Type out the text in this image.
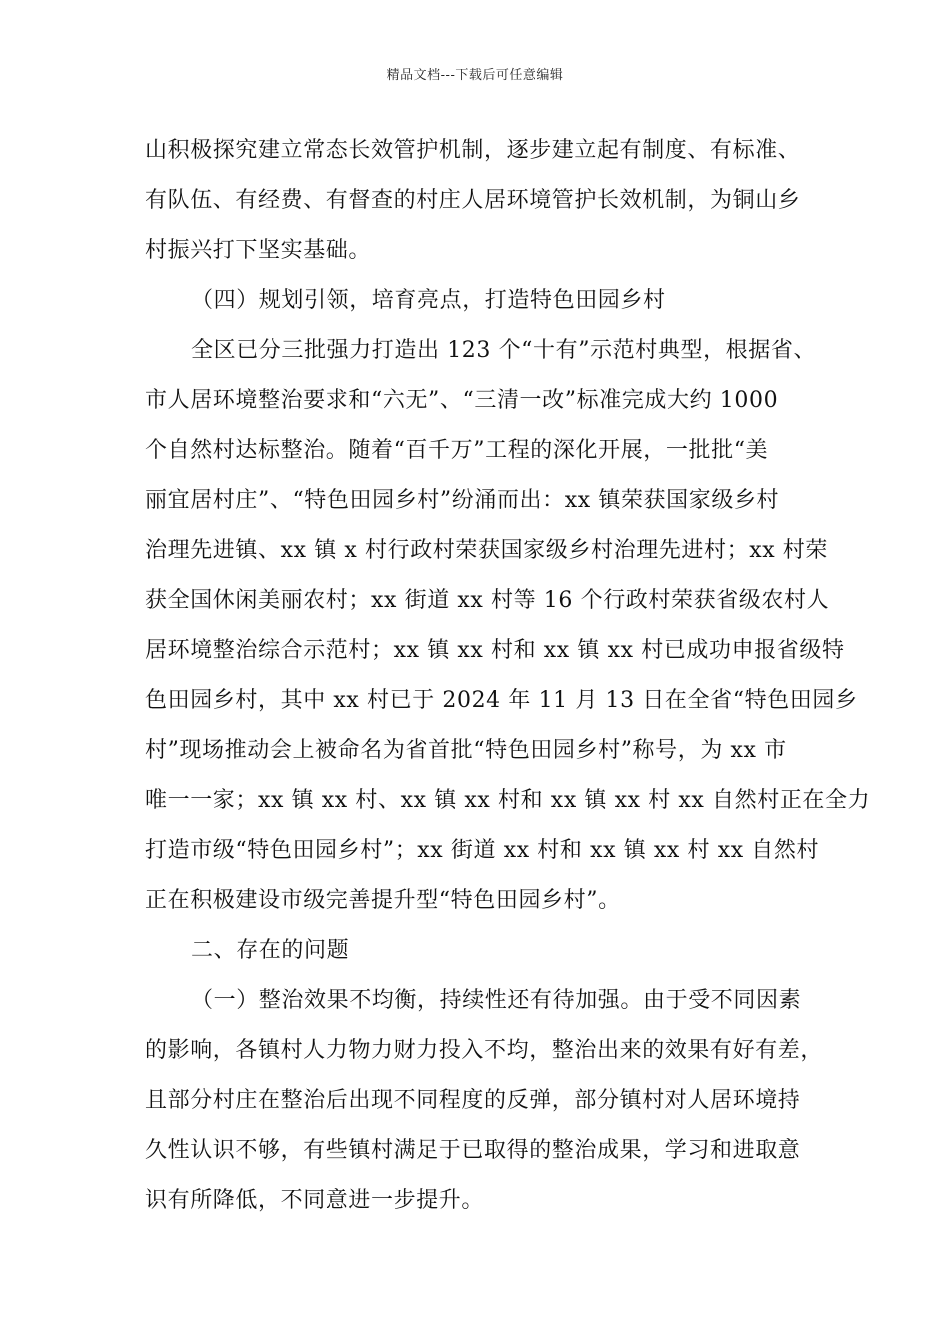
精品文档---下载后可任意编辑
山积极探究建立常态长效管护机制，逐步建立起有制度、有标准、
有队伍、有经费、有督查的村庄人居环境管护长效机制，为铜山乡
村振兴打下坚实基础。
（四）规划引领，培育亮点，打造特色田园乡村
全区已分三批强力打造出 123 个“十有”示范村典型，根据省、
市人居环境整治要求和“六无”、“三清一改”标准完成大约 1000
个自然村达标整治。随着“百千万”工程的深化开展，一批批“美
丽宜居村庄”、“特色田园乡村”纷涌而出：xx 镇荣获国家级乡村
治理先进镇、xx 镇 x 村行政村荣获国家级乡村治理先进村；xx 村荣
获全国休闲美丽农村；xx 街道 xx 村等 16 个行政村荣获省级农村人
居环境整治综合示范村；xx 镇 xx 村和 xx 镇 xx 村已成功申报省级特
色田园乡村，其中 xx 村已于 2024 年 11 月 13 日在全省“特色田园乡
村”现场推动会上被命名为省首批“特色田园乡村”称号，为 xx 市
唯一一家；xx 镇 xx 村、xx 镇 xx 村和 xx 镇 xx 村 xx 自然村正在全力
打造市级“特色田园乡村”；xx 街道 xx 村和 xx 镇 xx 村 xx 自然村
正在积极建设市级完善提升型“特色田园乡村”。
二、存在的问题
（一）整治效果不均衡，持续性还有待加强。由于受不同因素
的影响，各镇村人力物力财力投入不均，整治出来的效果有好有差，
且部分村庄在整治后出现不同程度的反弹，部分镇村对人居环境持
久性认识不够，有些镇村满足于已取得的整治成果，学习和进取意
识有所降低，不同意进一步提升。
